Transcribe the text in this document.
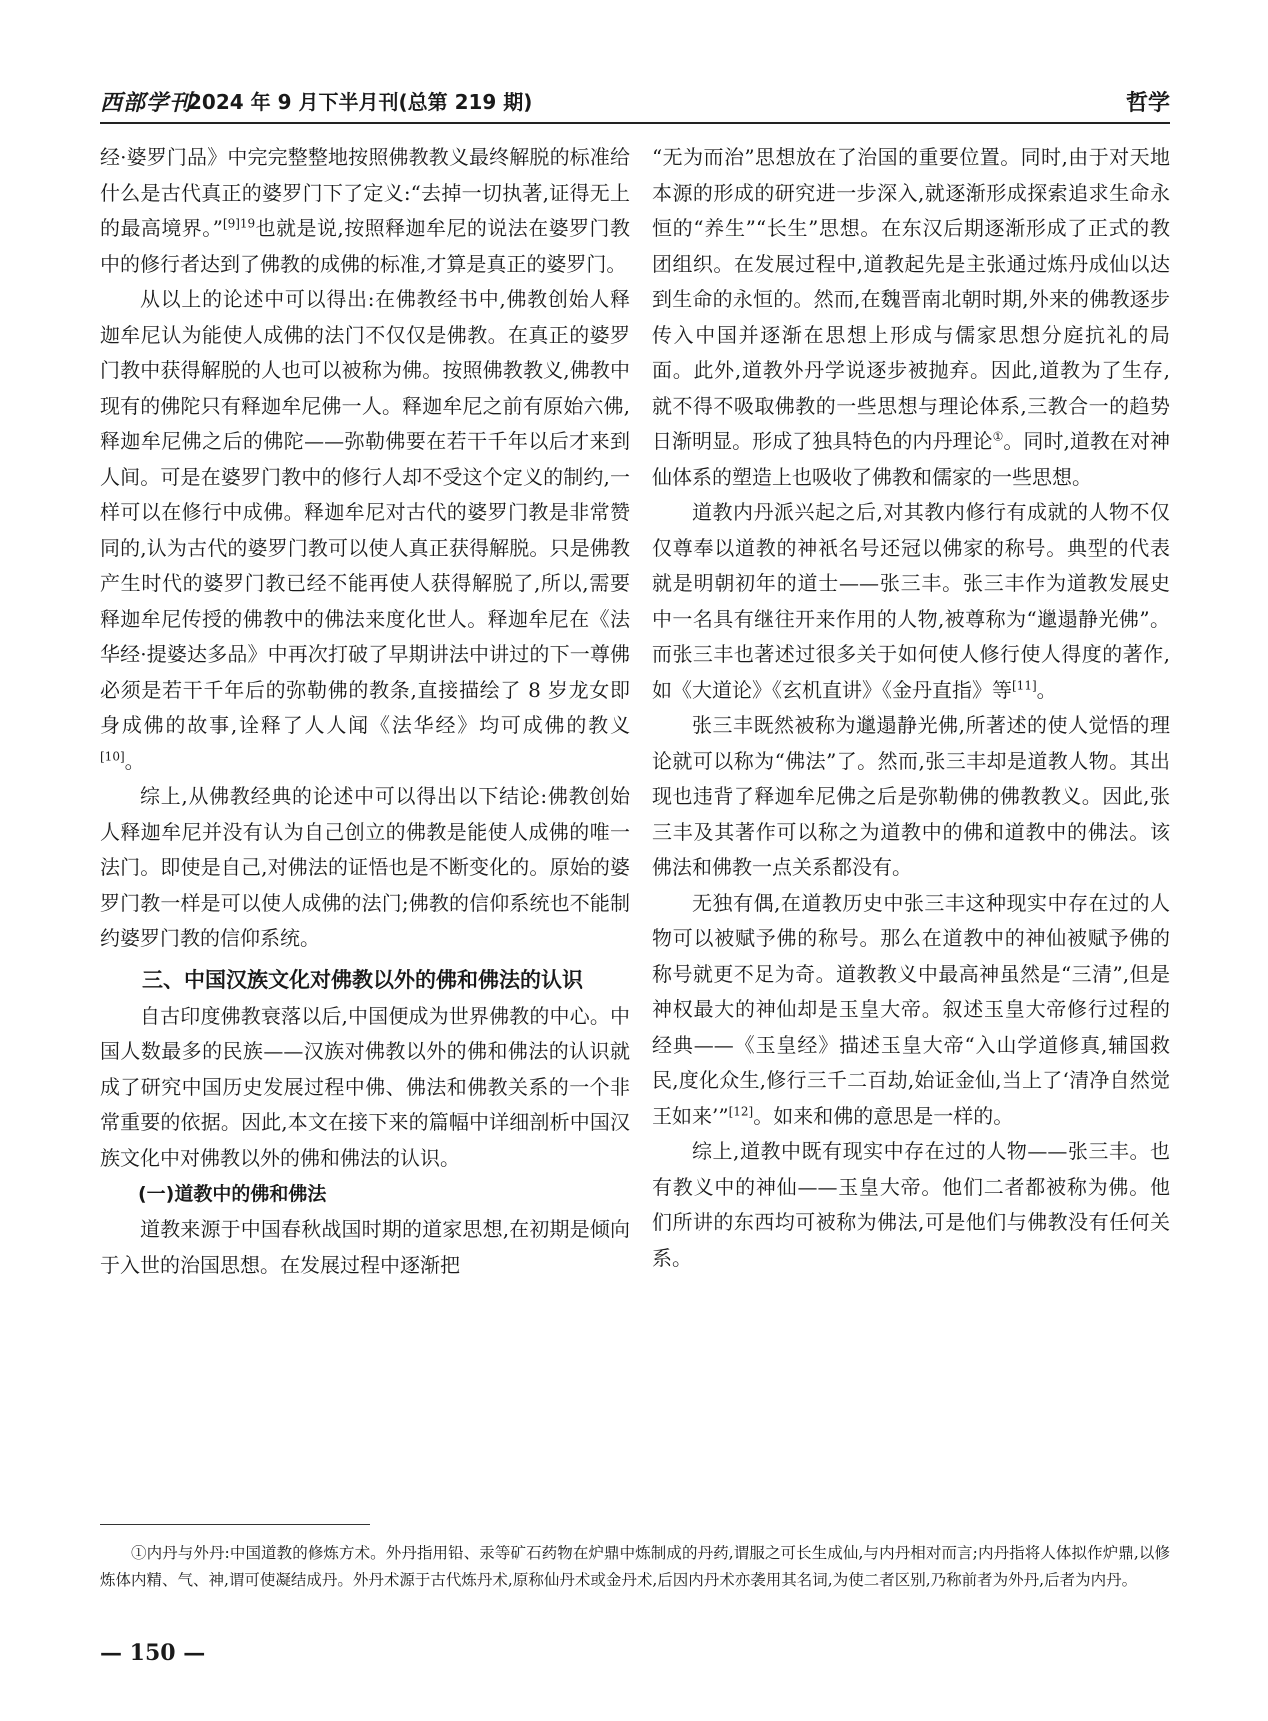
西部学刊
2024 年 9 月下半月刊(总第 219 期)	哲学

经·婆罗门品》中完完整整地按照佛教教义最终解脱的标准给什么是古代真正的婆罗门下了定义:“去掉一切执著,证得无上的最高境界。”$^{[9]19}$也就是说,按照释迦牟尼的说法在婆罗门教中的修行者达到了佛教的成佛的标准,才算是真正的婆罗门。

从以上的论述中可以得出:在佛教经书中,佛教创始人释迦牟尼认为能使人成佛的法门不仅仅是佛教。在真正的婆罗门教中获得解脱的人也可以被称为佛。按照佛教教义,佛教中现有的佛陀只有释迦牟尼佛一人。释迦牟尼之前有原始六佛,释迦牟尼佛之后的佛陀——弥勒佛要在若干千年以后才来到人间。可是在婆罗门教中的修行人却不受这个定义的制约,一样可以在修行中成佛。释迦牟尼对古代的婆罗门教是非常赞同的,认为古代的婆罗门教可以使人真正获得解脱。只是佛教产生时代的婆罗门教已经不能再使人获得解脱了,所以,需要释迦牟尼传授的佛教中的佛法来度化世人。释迦牟尼在《法华经·提婆达多品》中再次打破了早期讲法中讲过的下一尊佛必须是若干千年后的弥勒佛的教条,直接描绘了 8 岁龙女即身成佛的故事,诠释了人人闻《法华经》均可成佛的教义[10]。

综上,从佛教经典的论述中可以得出以下结论:佛教创始人释迦牟尼并没有认为自己创立的佛教是能使人成佛的唯一法门。即使是自己,对佛法的证悟也是不断变化的。原始的婆罗门教一样是可以使人成佛的法门;佛教的信仰系统也不能制约婆罗门教的信仰系统。

三、中国汉族文化对佛教以外的佛和佛法的认识

自古印度佛教衰落以后,中国便成为世界佛教的中心。中国人数最多的民族——汉族对佛教以外的佛和佛法的认识就成了研究中国历史发展过程中佛、佛法和佛教关系的一个非常重要的依据。因此,本文在接下来的篇幅中详细剖析中国汉族文化中对佛教以外的佛和佛法的认识。

(一)道教中的佛和佛法

道教来源于中国春秋战国时期的道家思想,在初期是倾向于入世的治国思想。在发展过程中逐渐把

“无为而治”思想放在了治国的重要位置。同时,由于对天地本源的形成的研究进一步深入,就逐渐形成探索追求生命永恒的“养生”“长生”思想。在东汉后期逐渐形成了正式的教团组织。在发展过程中,道教起先是主张通过炼丹成仙以达到生命的永恒的。然而,在魏晋南北朝时期,外来的佛教逐步传入中国并逐渐在思想上形成与儒家思想分庭抗礼的局面。此外,道教外丹学说逐步被抛弃。因此,道教为了生存,就不得不吸取佛教的一些思想与理论体系,三教合一的趋势日渐明显。形成了独具特色的内丹理论①。同时,道教在对神仙体系的塑造上也吸收了佛教和儒家的一些思想。

道教内丹派兴起之后,对其教内修行有成就的人物不仅仅尊奉以道教的神祇名号还冠以佛家的称号。典型的代表就是明朝初年的道士——张三丰。张三丰作为道教发展史中一名具有继往开来作用的人物,被尊称为“邋遢静光佛”。而张三丰也著述过很多关于如何使人修行使人得度的著作,如《大道论》《玄机直讲》《金丹直指》等[11]。

张三丰既然被称为邋遢静光佛,所著述的使人觉悟的理论就可以称为“佛法”了。然而,张三丰却是道教人物。其出现也违背了释迦牟尼佛之后是弥勒佛的佛教教义。因此,张三丰及其著作可以称之为道教中的佛和道教中的佛法。该佛法和佛教一点关系都没有。

无独有偶,在道教历史中张三丰这种现实中存在过的人物可以被赋予佛的称号。那么在道教中的神仙被赋予佛的称号就更不足为奇。道教教义中最高神虽然是“三清”,但是神权最大的神仙却是玉皇大帝。叙述玉皇大帝修行过程的经典——《玉皇经》描述玉皇大帝“入山学道修真,辅国救民,度化众生,修行三千二百劫,始证金仙,当上了‘清净自然觉王如来’”[12]。如来和佛的意思是一样的。

综上,道教中既有现实中存在过的人物——张三丰。也有教义中的神仙——玉皇大帝。他们二者都被称为佛。他们所讲的东西均可被称为佛法,可是他们与佛教没有任何关系。

①内丹与外丹:中国道教的修炼方术。外丹指用铅、汞等矿石药物在炉鼎中炼制成的丹药,谓服之可长生成仙,与内丹相对而言;内丹指将人体拟作炉鼎,以修炼体内精、气、神,谓可使凝结成丹。外丹术源于古代炼丹术,原称仙丹术或金丹术,后因内丹术亦袭用其名词,为使二者区别,乃称前者为外丹,后者为内丹。
— 150 —
